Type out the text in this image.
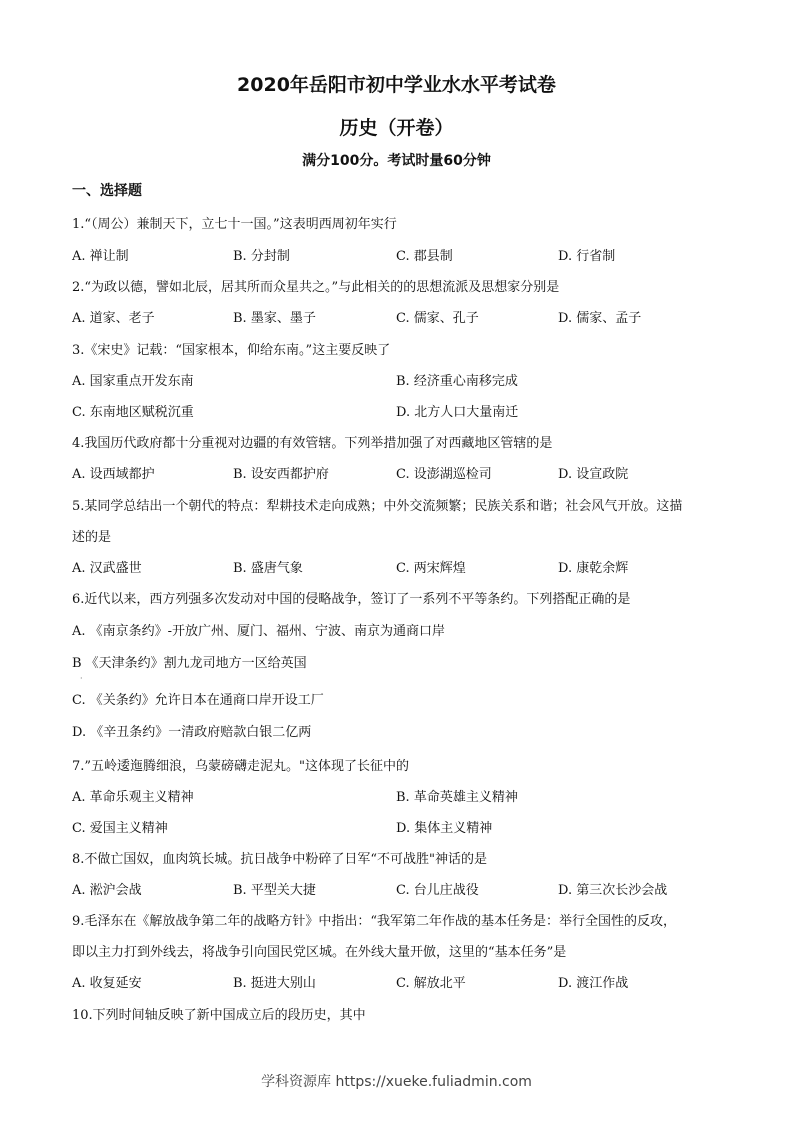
2020年岳阳市初中学业水水平考试卷
历史（开卷）
满分100分。考试时量60分钟
一、选择题
1.“（周公）兼制天下，立七十一国。”这表明西周初年实行
A. 禅让制	B. 分封制	C. 郡县制	D. 行省制
2.“为政以德，譬如北辰，居其所而众星共之。”与此相关的的思想流派及思想家分别是
A. 道家、老子	B. 墨家、墨子	C. 儒家、孔子	D. 儒家、孟子
3.《宋史》记载：“国家根本，仰给东南。”这主要反映了
A. 国家重点开发东南	B. 经济重心南移完成
C. 东南地区赋税沉重	D. 北方人口大量南迁
4.我国历代政府都十分重视对边疆的有效管辖。下列举措加强了对西藏地区管辖的是
A. 设西域都护	B. 设安西都护府	C. 设澎湖巡检司	D. 设宣政院
5.某同学总结出一个朝代的特点：犁耕技术走向成熟；中外交流频繁；民族关系和谐；社会风气开放。这描
述的是
A. 汉武盛世	B. 盛唐气象	C. 两宋辉煌	D. 康乾余辉
6.近代以来，西方列强多次发动对中国的侵略战争，签订了一系列不平等条约。下列搭配正确的是
A. 《南京条约》-开放广州、厦门、福州、宁波、南京为通商口岸
B 《天津条约》割九龙司地方一区给英国
·
C. 《关条约》允许日本在通商口岸开设工厂
D. 《辛丑条约》一清政府赔款白银二亿两
7.”五岭逶迤腾细浪，乌蒙磅礴走泥丸。"这体现了长征中的
A. 革命乐观主义精神	B. 革命英雄主义精神
C. 爱国主义精神	D. 集体主义精神
8.不做亡国奴，血肉筑长城。抗日战争中粉碎了日军“不可战胜"神话的是
A. 淞沪会战	B. 平型关大捷	C. 台儿庄战役	D. 第三次长沙会战
9.毛泽东在《解放战争第二年的战略方针》中指出：“我军第二年作战的基本任务是：举行全国性的反攻，
即以主力打到外线去，将战争引向国民党区城。在外线大量开倣，这里的“基本任务”是
A. 收复延安	B. 挺进大别山	C. 解放北平	D. 渡江作战
10.下列时间轴反映了新中国成立后的段历史，其中
学科资源库 https://xueke.fuliadmin.com
